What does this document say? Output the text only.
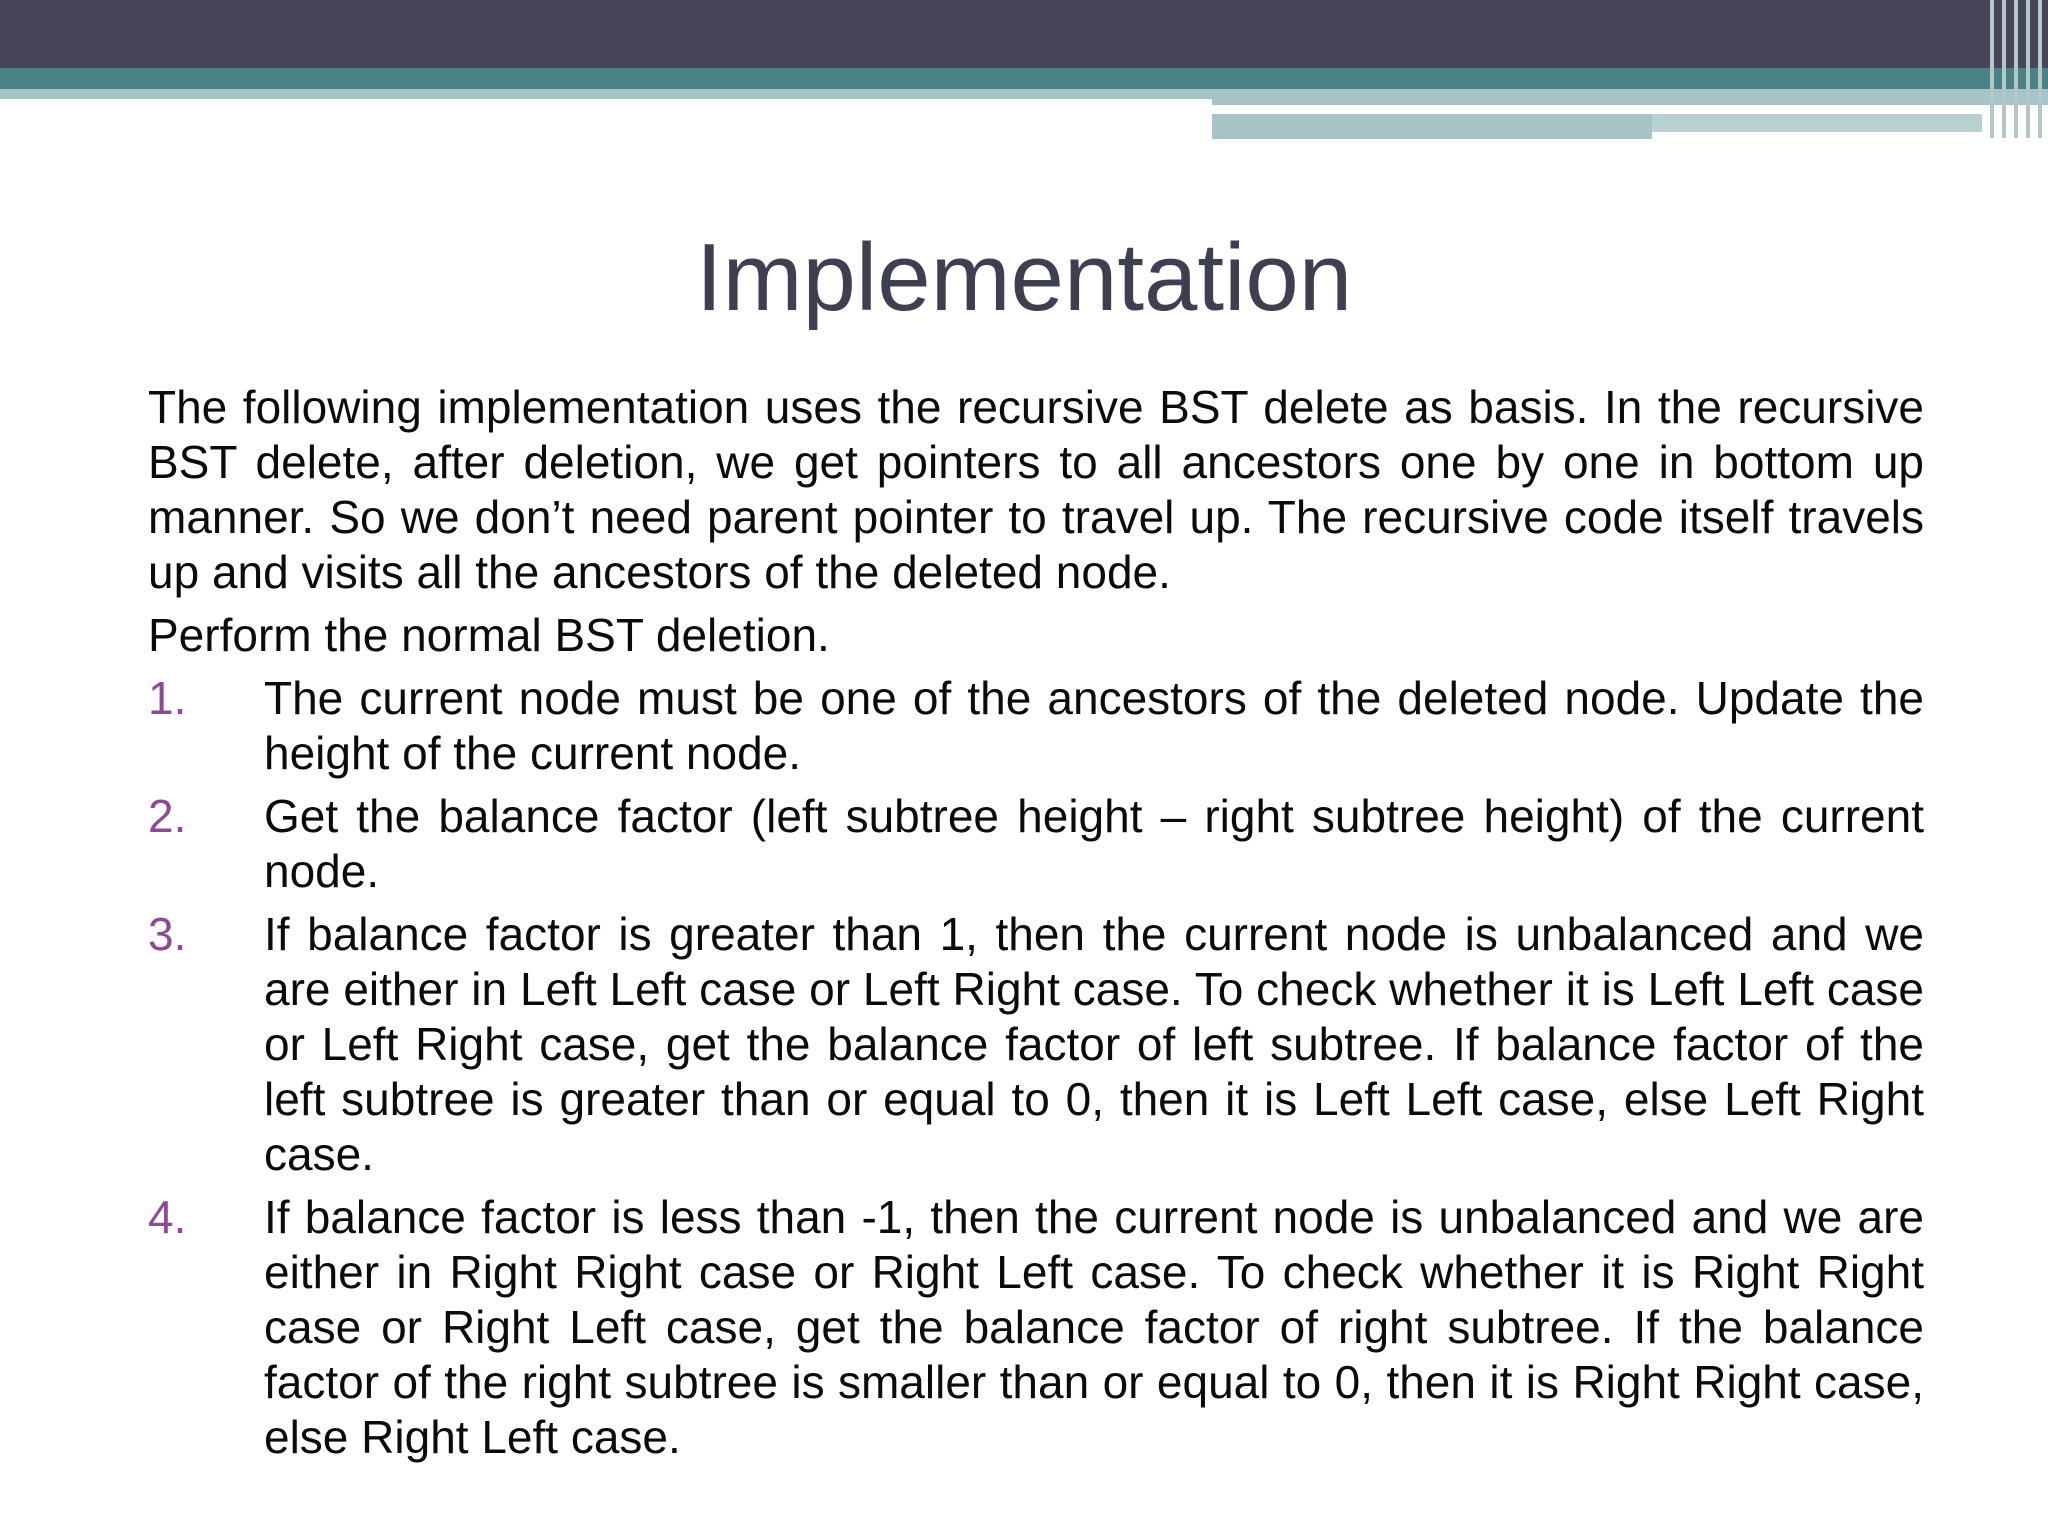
Implementation

The following implementation uses the recursive BST delete as basis. In the recursive BST delete, after deletion, we get pointers to all ancestors one by one in bottom up manner. So we don’t need parent pointer to travel up. The recursive code itself travels up and visits all the ancestors of the deleted node.

Perform the normal BST deletion.

1. The current node must be one of the ancestors of the deleted node. Update the height of the current node.
2. Get the balance factor (left subtree height – right subtree height) of the current node.
3. If balance factor is greater than 1, then the current node is unbalanced and we are either in Left Left case or Left Right case. To check whether it is Left Left case or Left Right case, get the balance factor of left subtree. If balance factor of the left subtree is greater than or equal to 0, then it is Left Left case, else Left Right case.
4. If balance factor is less than -1, then the current node is unbalanced and we are either in Right Right case or Right Left case. To check whether it is Right Right case or Right Left case, get the balance factor of right subtree. If the balance factor of the right subtree is smaller than or equal to 0, then it is Right Right case, else Right Left case.
